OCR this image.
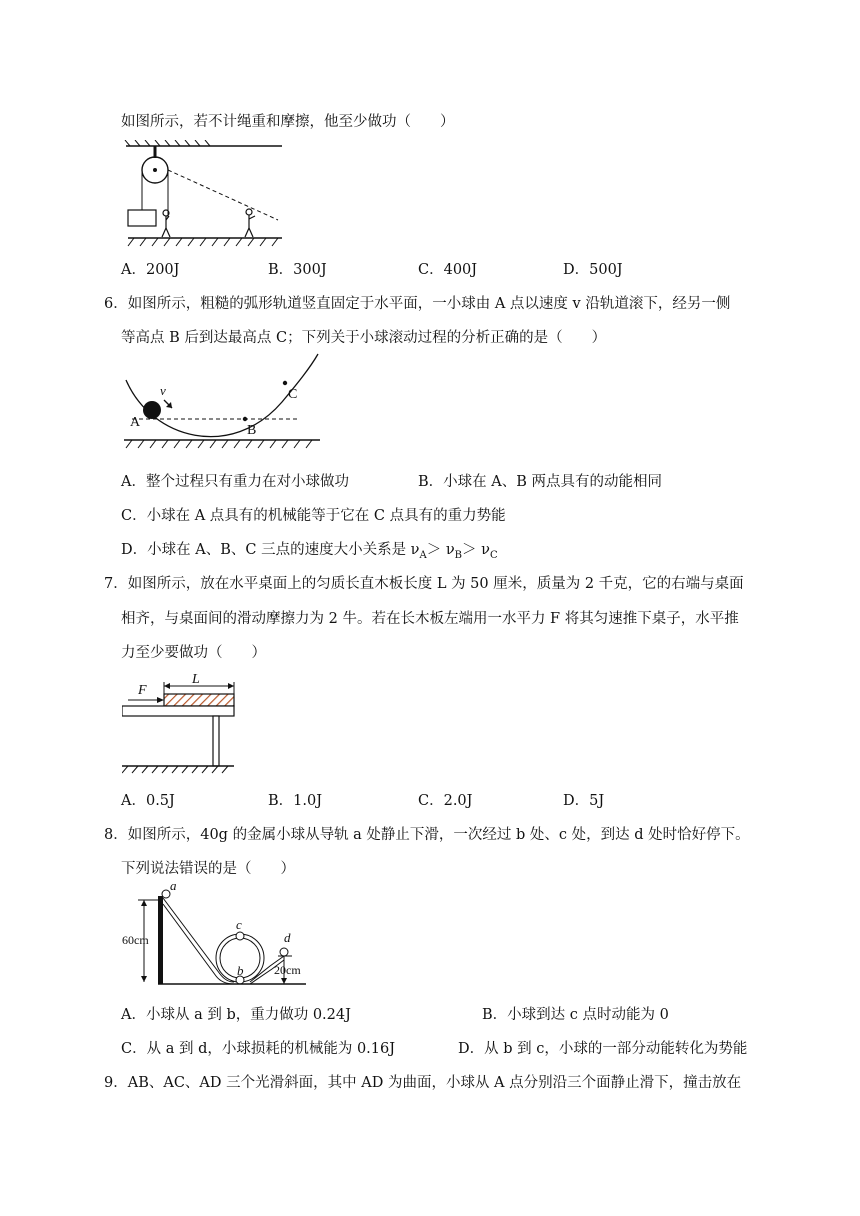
如图所示，若不计绳重和摩擦，他至少做功（　　）
A．200J	B．300J	C．400J	D．500J
6．如图所示，粗糙的弧形轨道竖直固定于水平面，一小球由 A 点以速度 v 沿轨道滚下，经另一侧
等高点 B 后到达最高点 C；下列关于小球滚动过程的分析正确的是（　　）
v
A
B
C
A．整个过程只有重力在对小球做功	B．小球在 A、B 两点具有的动能相同
C．小球在 A 点具有的机械能等于它在 C 点具有的重力势能
D．小球在 A、B、C 三点的速度大小关系是 $\nu_A> \nu_B> \nu_C$
7．如图所示，放在水平桌面上的匀质长直木板长度 L 为 50 厘米，质量为 2 千克，它的右端与桌面
相齐，与桌面间的滑动摩擦力为 2 牛。若在长木板左端用一水平力 F 将其匀速推下桌子，水平推
力至少要做功（　　）
L
F
A．0.5J	B．1.0J	C．2.0J	D．5J
8．如图所示，40g 的金属小球从导轨 a 处静止下滑，一次经过 b 处、c 处，到达 d 处时恰好停下。
下列说法错误的是（　　）
60cm
a
c
b
d
20cm
A．小球从 a 到 b，重力做功 0.24J	B．小球到达 c 点时动能为 0
C．从 a 到 d，小球损耗的机械能为 0.16J	D．从 b 到 c，小球的一部分动能转化为势能
9．AB、AC、AD 三个光滑斜面，其中 AD 为曲面，小球从 A 点分别沿三个面静止滑下，撞击放在
